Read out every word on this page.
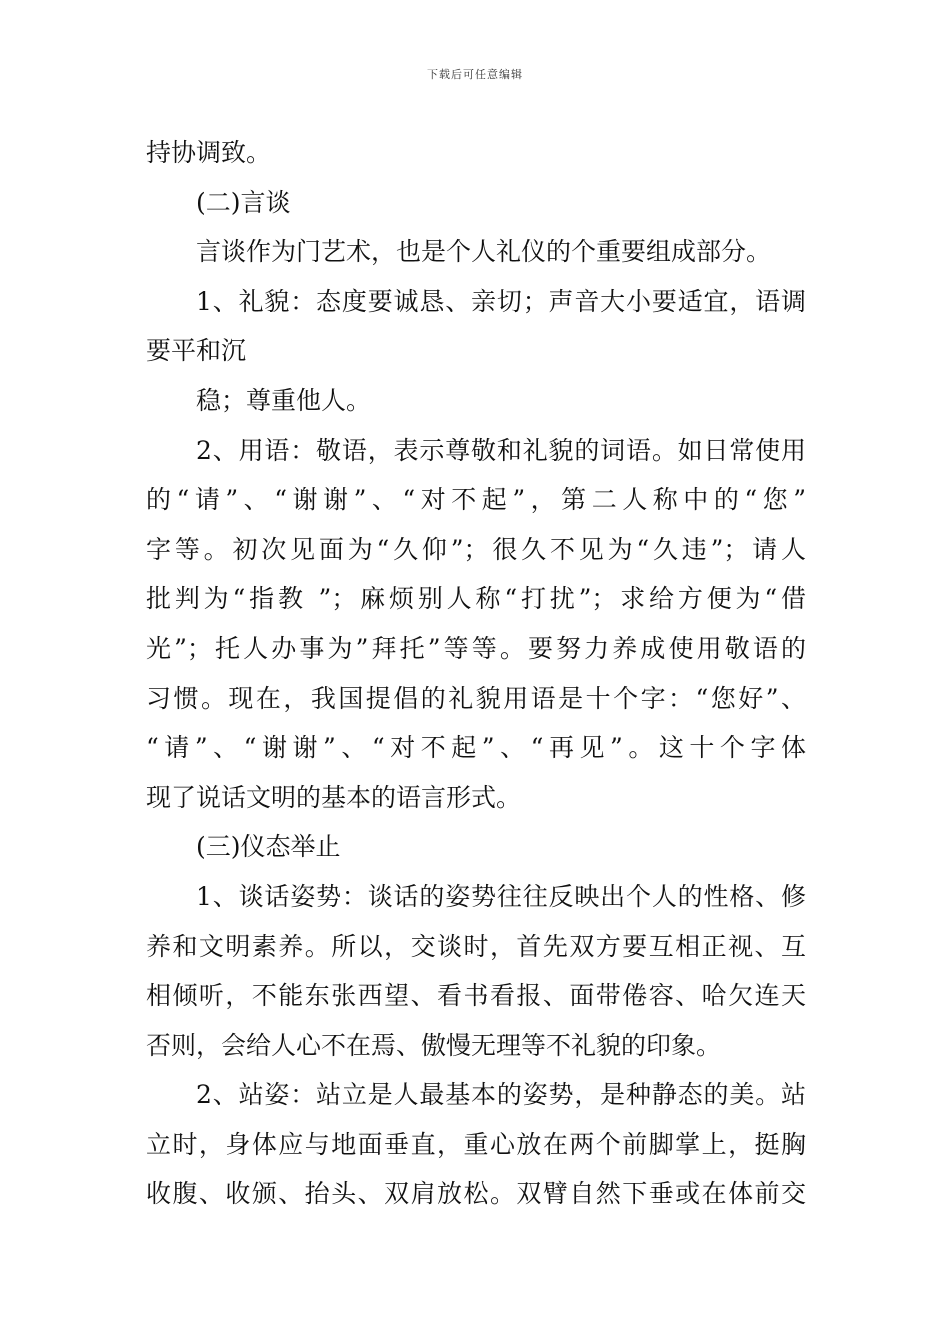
下载后可任意编辑
持协调致。
(二)言谈
言谈作为门艺术，也是个人礼仪的个重要组成部分。
1、礼貌：态度要诚恳、亲切；声音大小要适宜，语调
要平和沉
稳；尊重他人。
2、用语：敬语，表示尊敬和礼貌的词语。如日常使用
的“请”、“谢谢”、“对不起”，第二人称中的“您”
字等。初次见面为“久仰”；很久不见为“久违”；请人
批判为“指教 ”；麻烦别人称“打扰”；求给方便为“借
光”；托人办事为”拜托”等等。要努力养成使用敬语的
习惯。现在，我国提倡的礼貌用语是十个字：“您好”、
“请”、“谢谢”、“对不起”、“再见”。这十个字体
现了说话文明的基本的语言形式。
(三)仪态举止
1、谈话姿势：谈话的姿势往往反映出个人的性格、修
养和文明素养。所以，交谈时，首先双方要互相正视、互
相倾听，不能东张西望、看书看报、面带倦容、哈欠连天
否则，会给人心不在焉、傲慢无理等不礼貌的印象。
2、站姿：站立是人最基本的姿势，是种静态的美。站
立时，身体应与地面垂直，重心放在两个前脚掌上，挺胸
收腹、收颁、抬头、双肩放松。双臂自然下垂或在体前交
